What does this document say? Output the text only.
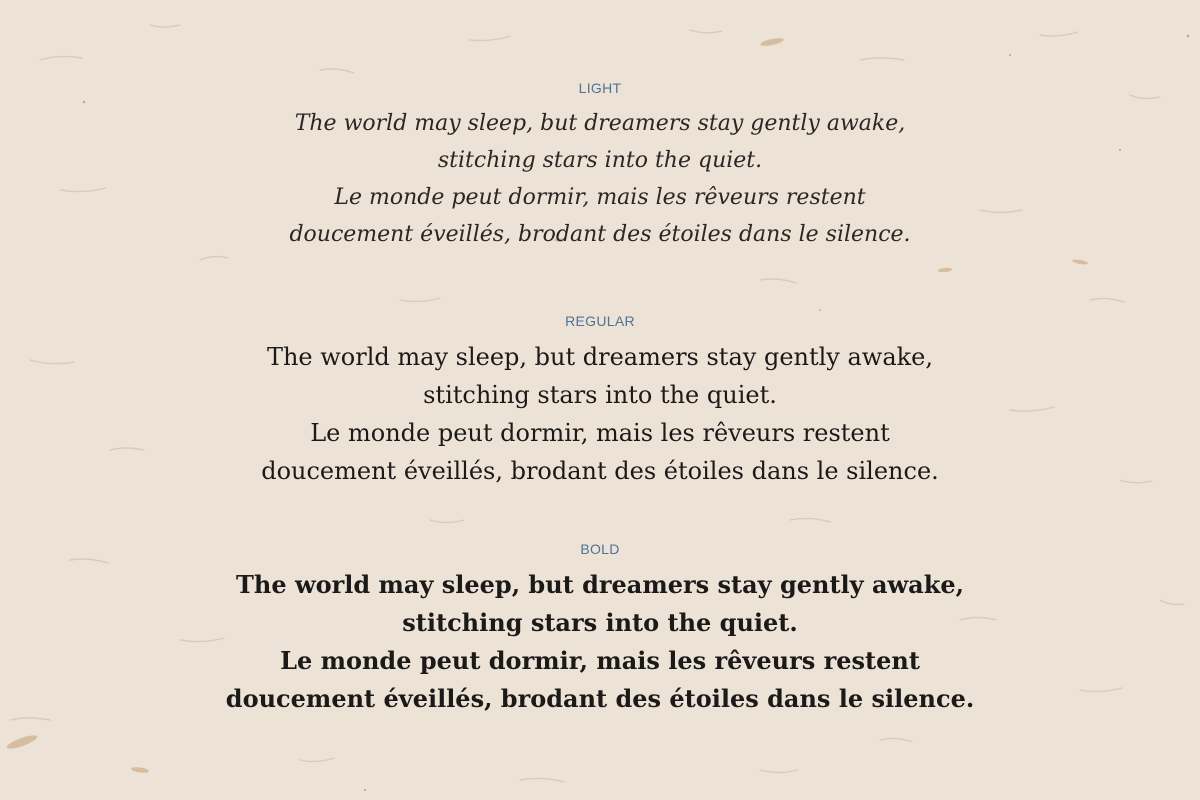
LIGHT

The world may sleep, but dreamers stay gently awake,

stitching stars into the quiet.

Le monde peut dormir, mais les rêveurs restent

doucement éveillés, brodant des étoiles dans le silence.

REGULAR

The world may sleep, but dreamers stay gently awake,

stitching stars into the quiet.

Le monde peut dormir, mais les rêveurs restent

doucement éveillés, brodant des étoiles dans le silence.

BOLD

The world may sleep, but dreamers stay gently awake,

stitching stars into the quiet.

Le monde peut dormir, mais les rêveurs restent

doucement éveillés, brodant des étoiles dans le silence.
